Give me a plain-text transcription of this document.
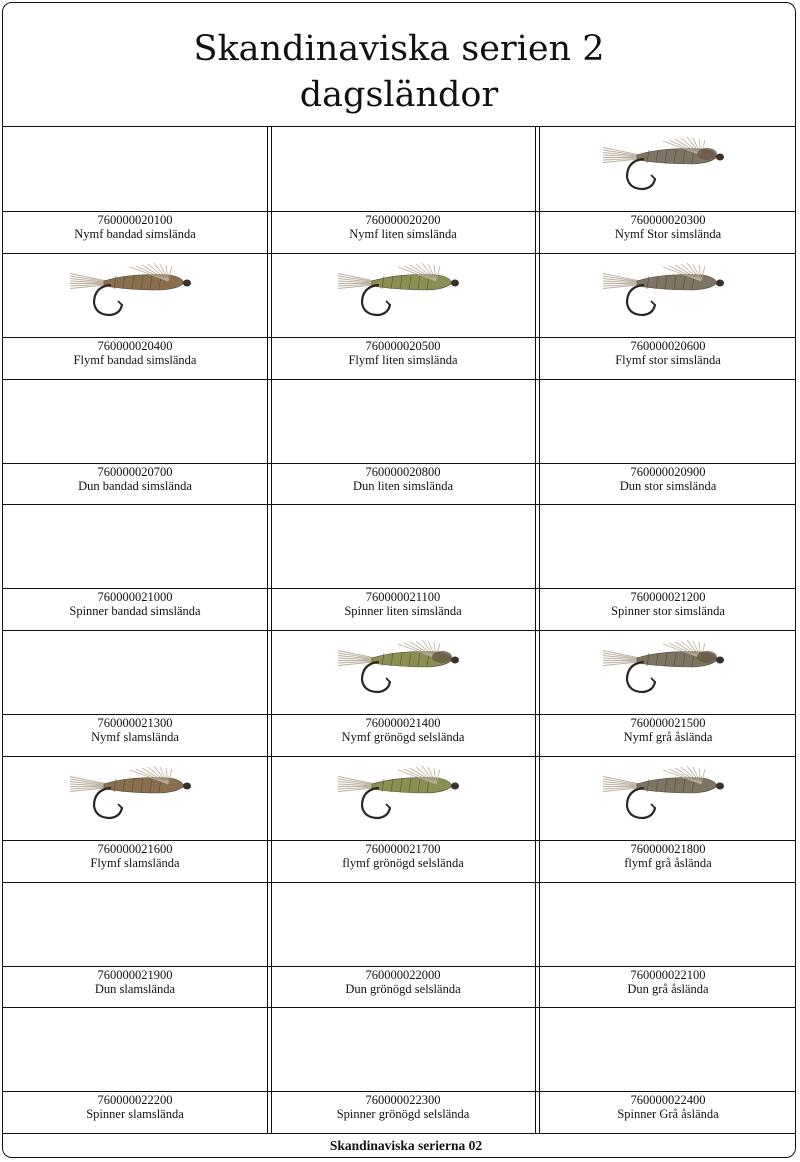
Skandinaviska serien 2
dagsländor
760000020100
Nymf bandad simslända
760000020200
Nymf liten simslända
760000020300
Nymf Stor simslända
760000020400
Flymf bandad simslända
760000020500
Flymf liten simslända
760000020600
Flymf stor simslända
760000020700
Dun bandad simslända
760000020800
Dun liten simslända
760000020900
Dun stor simslända
760000021000
Spinner bandad simslända
760000021100
Spinner liten simslända
760000021200
Spinner stor simslända
760000021300
Nymf slamslända
760000021400
Nymf grönögd selslända
760000021500
Nymf grå åslända
760000021600
Flymf slamslända
760000021700
flymf grönögd selslända
760000021800
flymf grå åslända
760000021900
Dun slamslända
760000022000
Dun grönögd selslända
760000022100
Dun grå åslända
760000022200
Spinner slamslända
760000022300
Spinner grönögd selslända
760000022400
Spinner Grå åslända
Skandinaviska serierna 02
